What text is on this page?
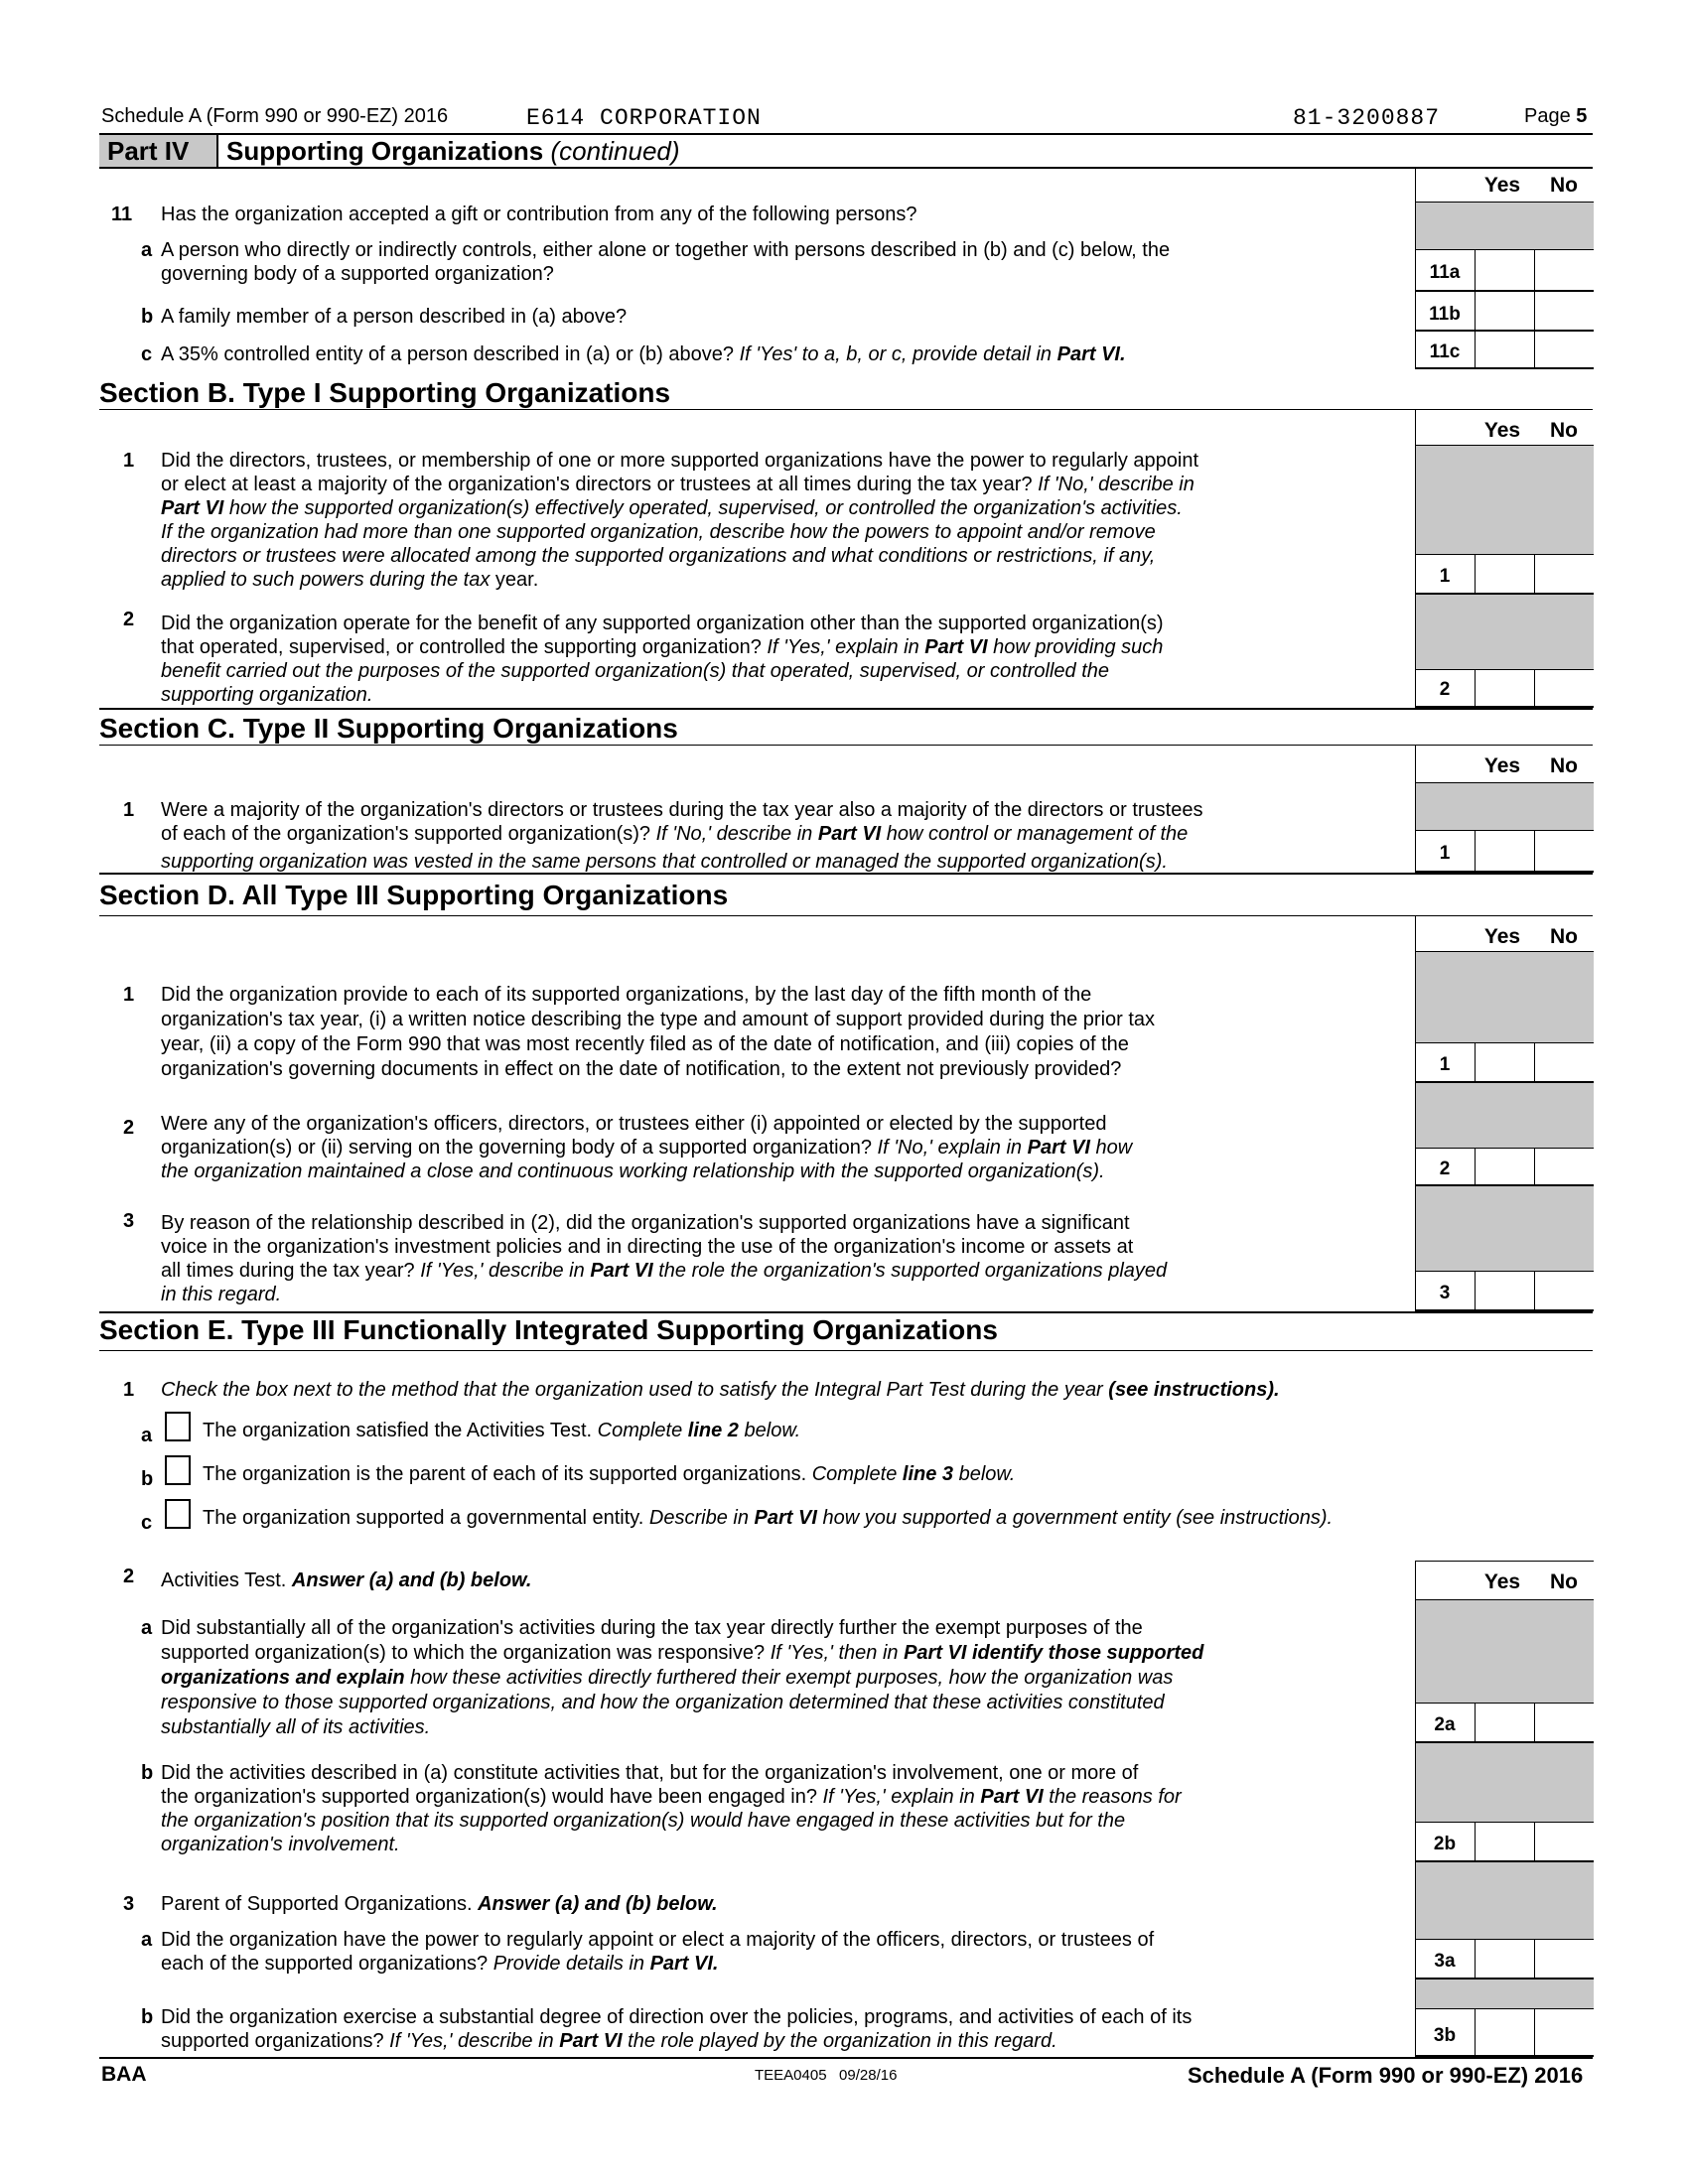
Schedule A (Form 990 or 990-EZ) 2016	E614 CORPORATION	81-3200887	Page 5
Part IV	Supporting Organizations (continued)
Yes	No
11 Has the organization accepted a gift or contribution from any of the following persons?
a A person who directly or indirectly controls, either alone or together with persons described in (b) and (c) below, the
governing body of a supported organization?	11a
b A family member of a person described in (a) above?	11b
c A 35% controlled entity of a person described in (a) or (b) above? If 'Yes' to a, b, or c, provide detail in Part VI.	11c
Section B. Type I Supporting Organizations
Yes	No
1 Did the directors, trustees, or membership of one or more supported organizations have the power to regularly appoint
or elect at least a majority of the organization's directors or trustees at all times during the tax year? If 'No,' describe in
Part VI how the supported organization(s) effectively operated, supervised, or controlled the organization's activities.
If the organization had more than one supported organization, describe how the powers to appoint and/or remove
directors or trustees were allocated among the supported organizations and what conditions or restrictions, if any,
applied to such powers during the tax year.	1
2 Did the organization operate for the benefit of any supported organization other than the supported organization(s)
that operated, supervised, or controlled the supporting organization? If 'Yes,' explain in Part VI how providing such
benefit carried out the purposes of the supported organization(s) that operated, supervised, or controlled the
supporting organization.	2
Section C. Type II Supporting Organizations
Yes	No
1 Were a majority of the organization's directors or trustees during the tax year also a majority of the directors or trustees
of each of the organization's supported organization(s)? If 'No,' describe in Part VI how control or management of the
supporting organization was vested in the same persons that controlled or managed the supported organization(s).	1
Section D. All Type III Supporting Organizations
Yes	No
1 Did the organization provide to each of its supported organizations, by the last day of the fifth month of the
organization's tax year, (i) a written notice describing the type and amount of support provided during the prior tax
year, (ii) a copy of the Form 990 that was most recently filed as of the date of notification, and (iii) copies of the
organization's governing documents in effect on the date of notification, to the extent not previously provided?	1
2 Were any of the organization's officers, directors, or trustees either (i) appointed or elected by the supported
organization(s) or (ii) serving on the governing body of a supported organization? If 'No,' explain in Part VI how
the organization maintained a close and continuous working relationship with the supported organization(s).	2
3 By reason of the relationship described in (2), did the organization's supported organizations have a significant
voice in the organization's investment policies and in directing the use of the organization's income or assets at
all times during the tax year? If 'Yes,' describe in Part VI the role the organization's supported organizations played
in this regard.	3
Section E. Type III Functionally Integrated Supporting Organizations
1 Check the box next to the method that the organization used to satisfy the Integral Part Test during the year (see instructions).
a	The organization satisfied the Activities Test. Complete line 2 below.
b The organization is the parent of each of its supported organizations. Complete line 3 below.
c	The organization supported a governmental entity. Describe in Part VI how you supported a government entity (see instructions).
Yes	No
2 Activities Test. Answer (a) and (b) below.
a Did substantially all of the organization's activities during the tax year directly further the exempt purposes of the
supported organization(s) to which the organization was responsive? If 'Yes,' then in Part VI identify those supported
organizations and explain how these activities directly furthered their exempt purposes, how the organization was
responsive to those supported organizations, and how the organization determined that these activities constituted
substantially all of its activities.	2a
b Did the activities described in (a) constitute activities that, but for the organization's involvement, one or more of
the organization's supported organization(s) would have been engaged in? If 'Yes,' explain in Part VI the reasons for
the organization's position that its supported organization(s) would have engaged in these activities but for the
organization's involvement.	2b
3 Parent of Supported Organizations. Answer (a) and (b) below.
a Did the organization have the power to regularly appoint or elect a majority of the officers, directors, or trustees of
each of the supported organizations? Provide details in Part VI.	3a
b Did the organization exercise a substantial degree of direction over the policies, programs, and activities of each of its
supported organizations? If 'Yes,' describe in Part VI the role played by the organization in this regard.	3b
BAA	TEEA0405   09/28/16	Schedule A (Form 990 or 990-EZ) 2016
